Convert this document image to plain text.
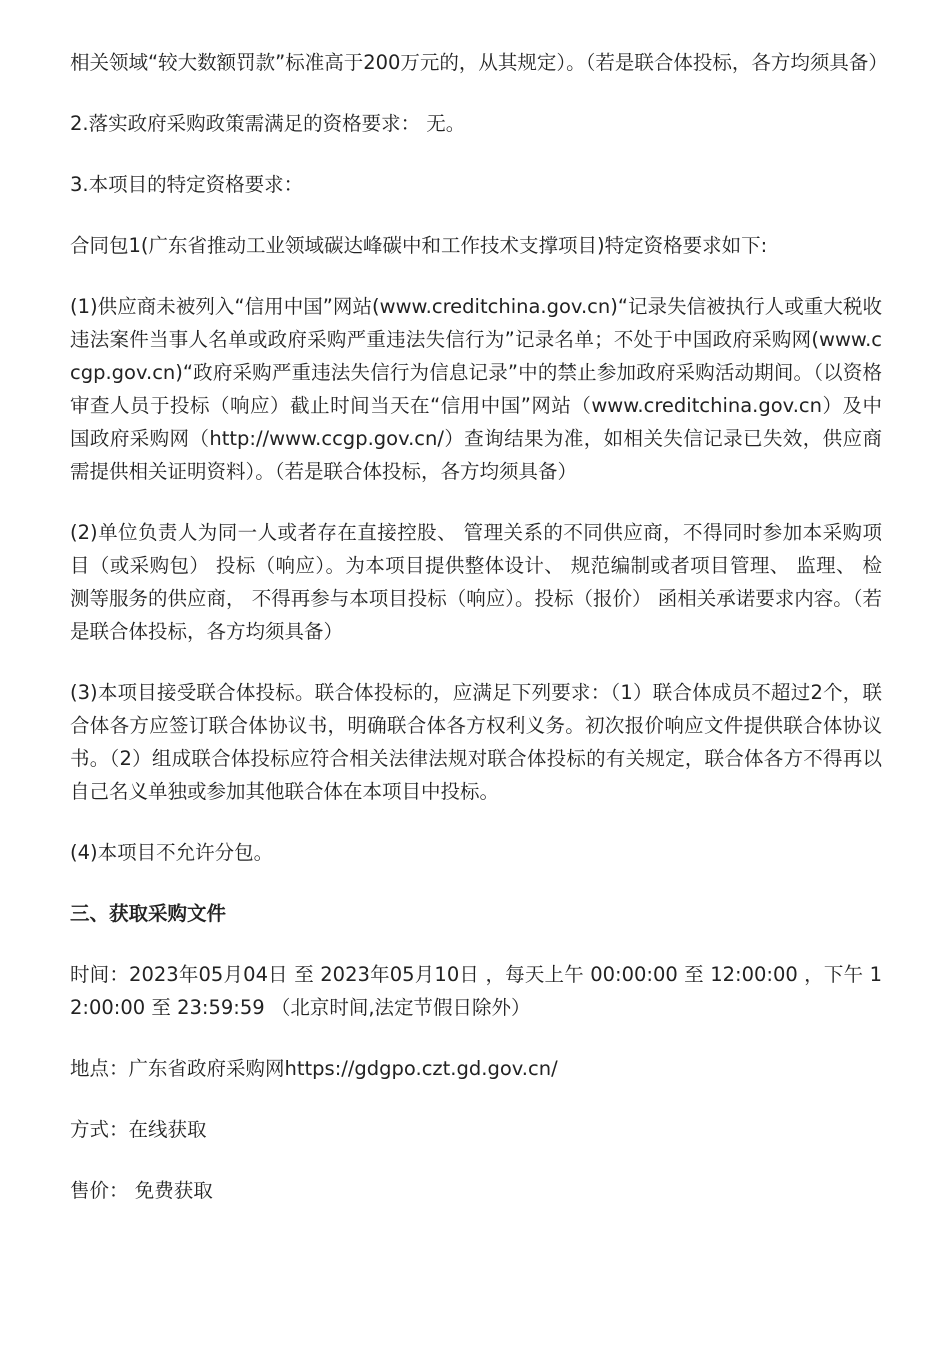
相关领域“较大数额罚款”标准高于200万元的，从其规定）。（若是联合体投标，各方均须具备）

2.落实政府采购政策需满足的资格要求： 无。

3.本项目的特定资格要求：

合同包1(广东省推动工业领域碳达峰碳中和工作技术支撑项目)特定资格要求如下:

(1)供应商未被列入“信用中国”网站(www.creditchina.gov.cn)“记录失信被执行人或重大税收违法案件当事人名单或政府采购严重违法失信行为”记录名单；不处于中国政府采购网(www.ccgp.gov.cn)“政府采购严重违法失信行为信息记录”中的禁止参加政府采购活动期间。（以资格审查人员于投标（响应）截止时间当天在“信用中国”网站（www.creditchina.gov.cn）及中国政府采购网（http://www.ccgp.gov.cn/）查询结果为准，如相关失信记录已失效，供应商需提供相关证明资料）。（若是联合体投标，各方均须具备）

(2)单位负责人为同一人或者存在直接控股、 管理关系的不同供应商，不得同时参加本采购项目（或采购包） 投标（响应）。为本项目提供整体设计、 规范编制或者项目管理、 监理、 检测等服务的供应商， 不得再参与本项目投标（响应）。投标（报价） 函相关承诺要求内容。（若是联合体投标，各方均须具备）

(3)本项目接受联合体投标。联合体投标的，应满足下列要求：（1）联合体成员不超过2个，联合体各方应签订联合体协议书，明确联合体各方权利义务。初次报价响应文件提供联合体协议书。（2）组成联合体投标应符合相关法律法规对联合体投标的有关规定，联合体各方不得再以自己名义单独或参加其他联合体在本项目中投标。

(4)本项目不允许分包。

三、获取采购文件

时间：2023年05月04日 至 2023年05月10日 ，每天上午 00:00:00 至 12:00:00 ，下午 12:00:00 至 23:59:59 （北京时间,法定节假日除外）

地点：广东省政府采购网https://gdgpo.czt.gd.gov.cn/

方式：在线获取

售价： 免费获取
